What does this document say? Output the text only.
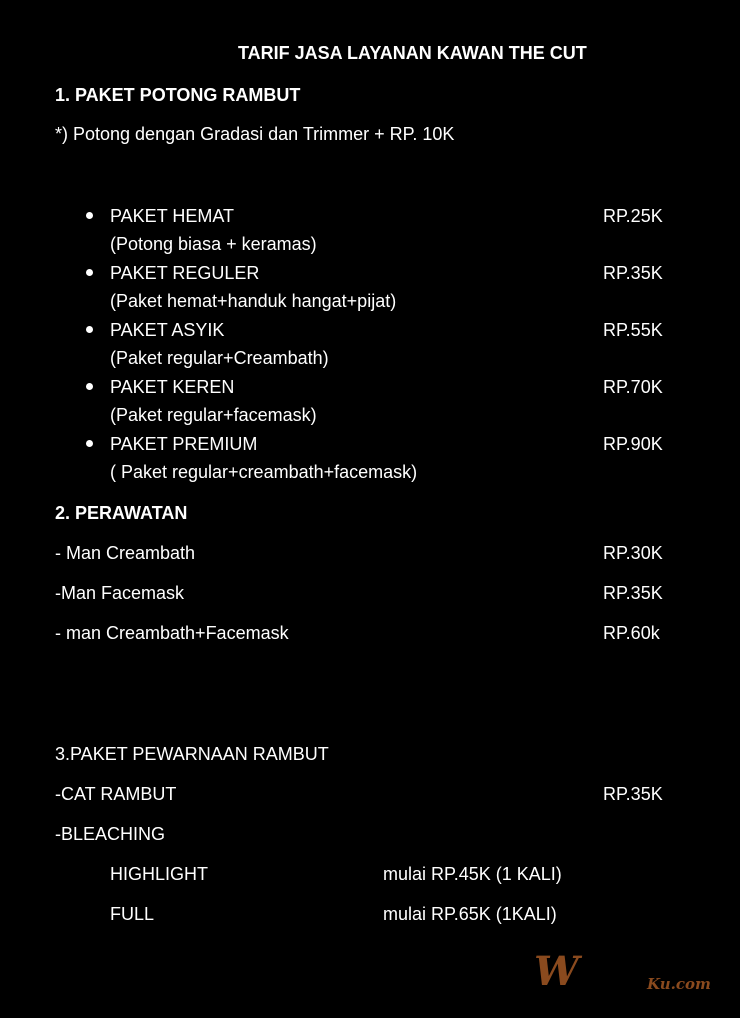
TARIF JASA LAYANAN KAWAN THE CUT
1. PAKET POTONG RAMBUT
*) Potong dengan Gradasi dan Trimmer + RP. 10K
PAKET HEMAT	RP.25K
(Potong biasa + keramas)
PAKET REGULER	RP.35K
(Paket hemat+handuk hangat+pijat)
PAKET ASYIK	RP.55K
(Paket regular+Creambath)
PAKET KEREN	RP.70K
(Paket regular+facemask)
PAKET PREMIUM	RP.90K
( Paket regular+creambath+facemask)
2. PERAWATAN
- Man Creambath	RP.30K
-Man Facemask	RP.35K
- man Creambath+Facemask	RP.60k
3.PAKET PEWARNAAN RAMBUT
-CAT RAMBUT	RP.35K
-BLEACHING
HIGHLIGHT	mulai RP.45K (1 KALI)
FULL	mulai RP.65K (1KALI)
W	Ku.com
